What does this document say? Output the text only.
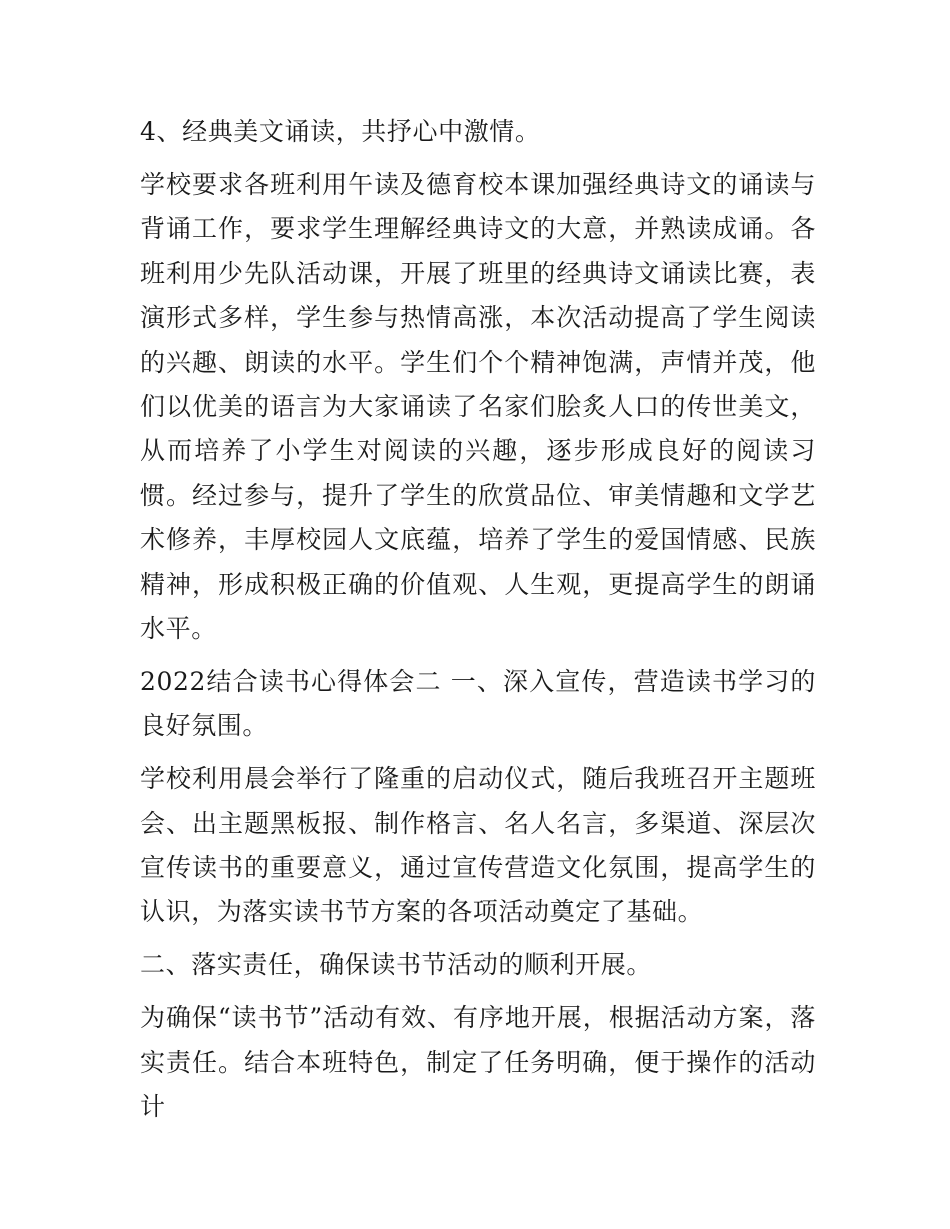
4、经典美文诵读，共抒心中激情。

学校要求各班利用午读及德育校本课加强经典诗文的诵读与背诵工作，要求学生理解经典诗文的大意，并熟读成诵。各班利用少先队活动课，开展了班里的经典诗文诵读比赛，表演形式多样，学生参与热情高涨，本次活动提高了学生阅读的兴趣、朗读的水平。学生们个个精神饱满，声情并茂，他们以优美的语言为大家诵读了名家们脍炙人口的传世美文，从而培养了小学生对阅读的兴趣，逐步形成良好的阅读习惯。经过参与，提升了学生的欣赏品位、审美情趣和文学艺术修养，丰厚校园人文底蕴，培养了学生的爱国情感、民族精神，形成积极正确的价值观、人生观，更提高学生的朗诵水平。

2022结合读书心得体会二 一、深入宣传，营造读书学习的良好氛围。

学校利用晨会举行了隆重的启动仪式，随后我班召开主题班会、出主题黑板报、制作格言、名人名言，多渠道、深层次宣传读书的重要意义，通过宣传营造文化氛围，提高学生的认识，为落实读书节方案的各项活动奠定了基础。

二、落实责任，确保读书节活动的顺利开展。

为确保“读书节”活动有效、有序地开展，根据活动方案，落实责任。结合本班特色，制定了任务明确，便于操作的活动计
